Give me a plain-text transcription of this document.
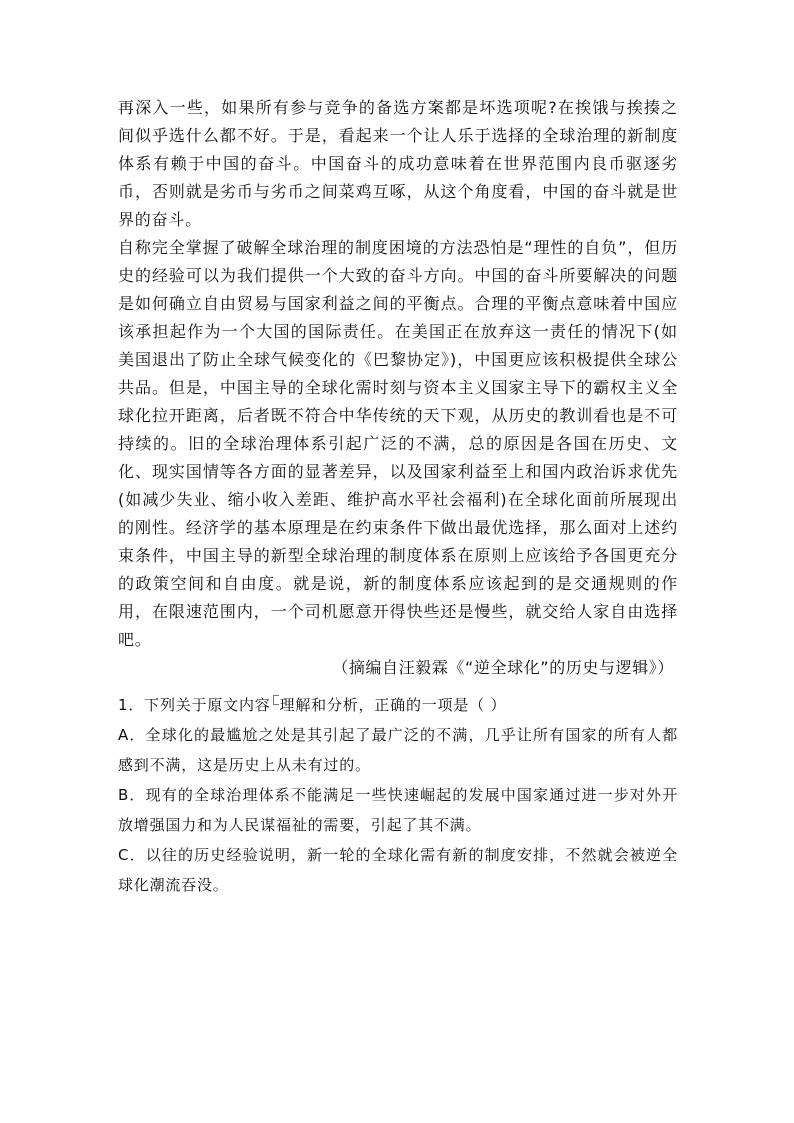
再深入一些，如果所有参与竞争的备选方案都是坏选项呢?在挨饿与挨揍之间似乎选什么都不好。于是，看起来一个让人乐于选择的全球治理的新制度体系有赖于中国的奋斗。中国奋斗的成功意味着在世界范围内良币驱逐劣币，否则就是劣币与劣币之间菜鸡互啄，从这个角度看，中国的奋斗就是世界的奋斗。

自称完全掌握了破解全球治理的制度困境的方法恐怕是“理性的自负”，但历史的经验可以为我们提供一个大致的奋斗方向。中国的奋斗所要解决的问题是如何确立自由贸易与国家利益之间的平衡点。合理的平衡点意味着中国应该承担起作为一个大国的国际责任。在美国正在放弃这一责任的情况下(如美国退出了防止全球气候变化的《巴黎协定》)，中国更应该积极提供全球公共品。但是，中国主导的全球化需时刻与资本主义国家主导下的霸权主义全球化拉开距离，后者既不符合中华传统的天下观，从历史的教训看也是不可持续的。旧的全球治理体系引起广泛的不满，总的原因是各国在历史、文化、现实国情等各方面的显著差异，以及国家利益至上和国内政治诉求优先(如减少失业、缩小收入差距、维护高水平社会福利)在全球化面前所展现出的刚性。经济学的基本原理是在约束条件下做出最优选择，那么面对上述约束条件，中国主导的新型全球治理的制度体系在原则上应该给予各国更充分的政策空间和自由度。就是说，新的制度体系应该起到的是交通规则的作用，在限速范围内，一个司机愿意开得快些还是慢些，就交给人家自由选择吧。

（摘编自汪毅霖《“逆全球化”的历史与逻辑》）

1．下列关于原文内容 理解和分析，正确的一项是（ ）

A．全球化的最尴尬之处是其引起了最广泛的不满，几乎让所有国家的所有人都感到不满，这是历史上从未有过的。

B．现有的全球治理体系不能满足一些快速崛起的发展中国家通过进一步对外开放增强国力和为人民谋福祉的需要，引起了其不满。

C．以往的历史经验说明，新一轮的全球化需有新的制度安排，不然就会被逆全球化潮流吞没。
